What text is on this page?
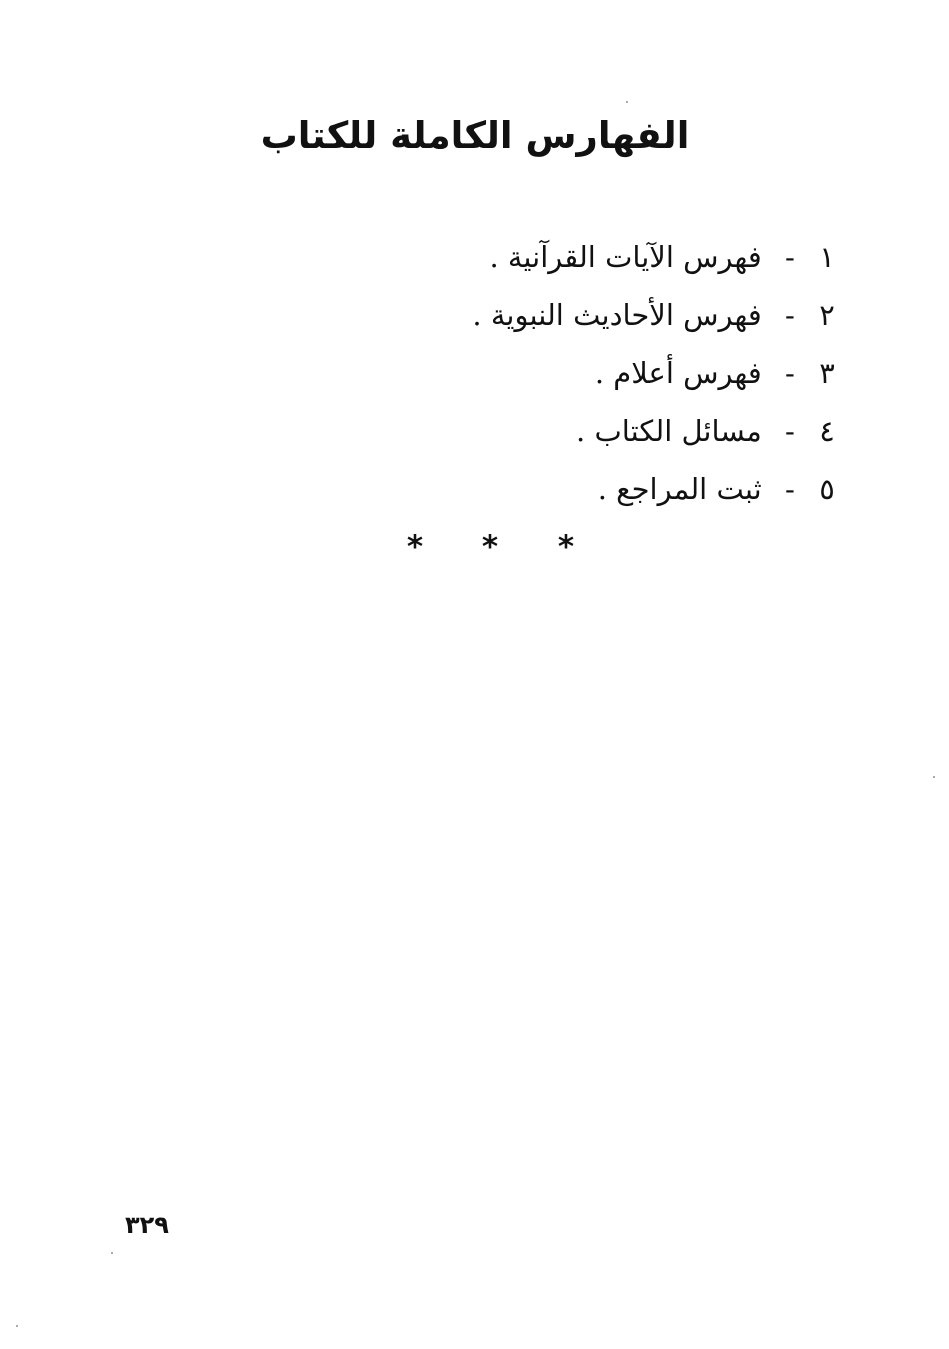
الفهارس الكاملة للكتاب
١ - فهرس الآيات القرآنية .
٢ - فهرس الأحاديث النبوية .
٣ - فهرس أعلام .
٤ - مسائل الكتاب .
٥ - ثبت المراجع .
* * *
٣٢٩
